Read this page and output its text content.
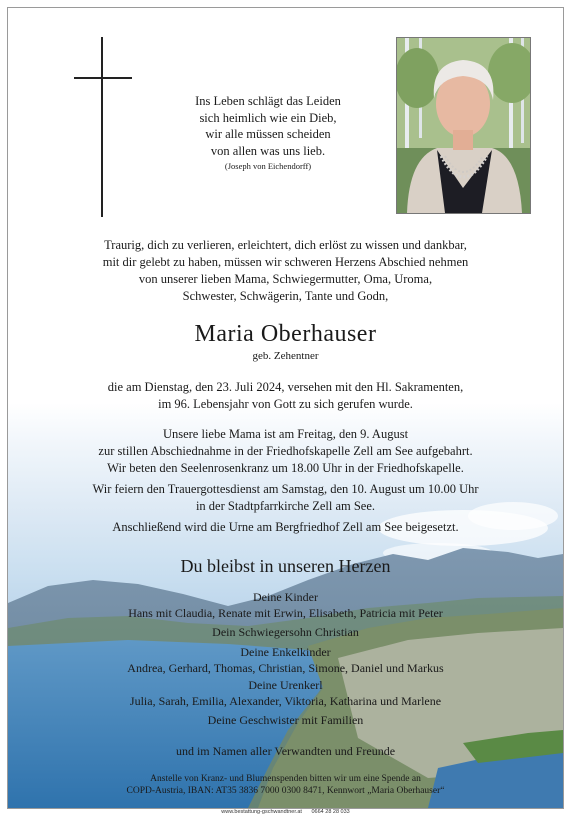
Ins Leben schlägt das Leiden
sich heimlich wie ein Dieb,
wir alle müssen scheiden
von allen was uns lieb.
(Joseph von Eichendorff)
Traurig, dich zu verlieren, erleichtert, dich erlöst zu wissen und dankbar,
mit dir gelebt zu haben, müssen wir schweren Herzens Abschied nehmen
von unserer lieben Mama, Schwiegermutter, Oma, Uroma,
Schwester, Schwägerin, Tante und Godn,
Maria Oberhauser
geb. Zehentner
die am Dienstag, den 23. Juli 2024, versehen mit den Hl. Sakramenten,
im 96. Lebensjahr von Gott zu sich gerufen wurde.
Unsere liebe Mama ist am Freitag, den 9. August
zur stillen Abschiednahme in der Friedhofskapelle Zell am See aufgebahrt.
Wir beten den Seelenrosenkranz um 18.00 Uhr in der Friedhofskapelle.
Wir feiern den Trauergottesdienst am Samstag, den 10. August um 10.00 Uhr
in der Stadtpfarrkirche Zell am See.
Anschließend wird die Urne am Bergfriedhof Zell am See beigesetzt.
Du bleibst in unseren Herzen
Deine Kinder
Hans mit Claudia, Renate mit Erwin, Elisabeth, Patricia mit Peter
Dein Schwiegersohn Christian
Deine Enkelkinder
Andrea, Gerhard, Thomas, Christian, Simone, Daniel und Markus
Deine Urenkerl
Julia, Sarah, Emilia, Alexander, Viktoria, Katharina und Marlene
Deine Geschwister mit Familien
und im Namen aller Verwandten und Freunde
Anstelle von Kranz- und Blumenspenden bitten wir um eine Spende an
COPD-Austria, IBAN: AT35 3836 7000 0300 8471, Kennwort „Maria Oberhauser“
www.bestattung-gschwandtner.at 0664 28 28 033
